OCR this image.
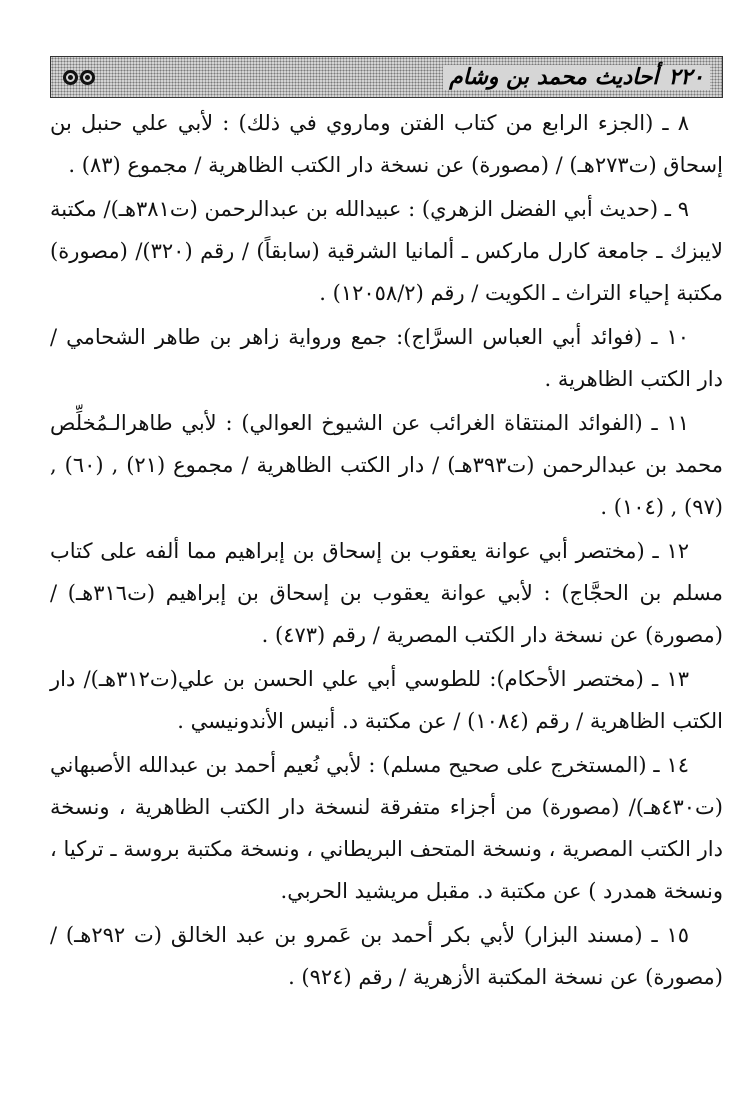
٢٢٠
أحاديث محمد بن وشام

٨ ـ (الجزء الرابع من كتاب الفتن وماروي في ذلك) : لأبي علي حنبل بن إسحاق (ت٢٧٣هـ) / (مصورة) عن نسخة دار الكتب الظاهرية / مجموع (٨٣) .

٩ ـ (حديث أبي الفضل الزهري) : عبيدالله بن عبدالرحمن (ت٣٨١هـ)/ مكتبة لايبزك ـ جامعة كارل ماركس ـ ألمانيا الشرقية (سابقاً) / رقم (٣٢٠)/ (مصورة) مكتبة إحياء التراث ـ الكويت / رقم (١٢٠٥٨/٢) .

١٠ ـ (فوائد أبي العباس السرَّاج): جمع ورواية زاهر بن طاهر الشحامي / دار الكتب الظاهرية .

١١ ـ (الفوائد المنتقاة الغرائب عن الشيوخ العوالي) : لأبي طاهرالـمُخلِّص محمد بن عبدالرحمن (ت٣٩٣هـ) / دار الكتب الظاهرية / مجموع (٢١) , (٦٠) , (٩٧) , (١٠٤) .

١٢ ـ (مختصر أبي عوانة يعقوب بن إسحاق بن إبراهيم مما ألفه على كتاب مسلم بن الحجَّاج) : لأبي عوانة يعقوب بن إسحاق بن إبراهيم (ت٣١٦هـ) / (مصورة) عن نسخة دار الكتب المصرية / رقم (٤٧٣) .

١٣ ـ (مختصر الأحكام): للطوسي أبي علي الحسن بن علي(ت٣١٢هـ)/ دار الكتب الظاهرية / رقم (١٠٨٤) / عن مكتبة د. أنيس الأندونيسي .

١٤ ـ (المستخرج على صحيح مسلم) : لأبي نُعيم أحمد بن عبدالله الأصبهاني (ت٤٣٠هـ)/ (مصورة) من أجزاء متفرقة لنسخة دار الكتب الظاهرية ، ونسخة دار الكتب المصرية ، ونسخة المتحف البريطاني ، ونسخة مكتبة بروسة ـ تركيا ، ونسخة همدرد ) عن مكتبة د. مقبل مريشيد الحربي.

١٥ ـ (مسند البزار) لأبي بكر أحمد بن عَمرو بن عبد الخالق (ت ٢٩٢هـ) / (مصورة) عن نسخة المكتبة الأزهرية / رقم (٩٢٤) .
